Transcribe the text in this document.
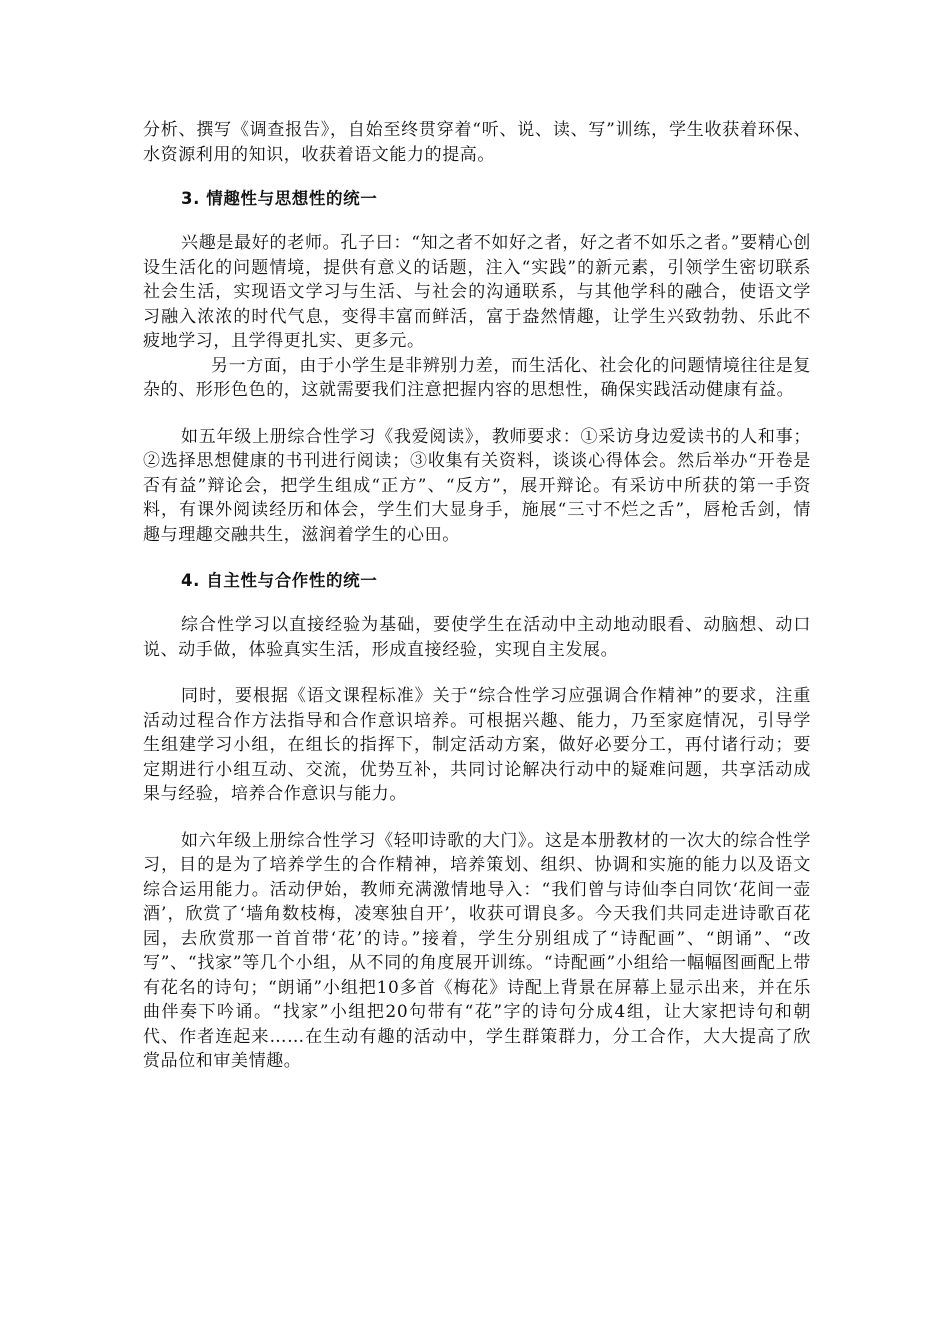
分析、撰写《调查报告》，自始至终贯穿着“听、说、读、写”训练，学生收获着环保、水资源利用的知识，收获着语文能力的提高。

3. 情趣性与思想性的统一

兴趣是最好的老师。孔子曰：“知之者不如好之者，好之者不如乐之者。”要精心创设生活化的问题情境，提供有意义的话题，注入“实践”的新元素，引领学生密切联系社会生活，实现语文学习与生活、与社会的沟通联系，与其他学科的融合，使语文学习融入浓浓的时代气息，变得丰富而鲜活，富于盎然情趣，让学生兴致勃勃、乐此不疲地学习，且学得更扎实、更多元。

另一方面，由于小学生是非辨别力差，而生活化、社会化的问题情境往往是复杂的、形形色色的，这就需要我们注意把握内容的思想性，确保实践活动健康有益。

如五年级上册综合性学习《我爱阅读》，教师要求：①采访身边爱读书的人和事；②选择思想健康的书刊进行阅读；③收集有关资料，谈谈心得体会。然后举办“开卷是否有益”辩论会，把学生组成“正方”、“反方”，展开辩论。有采访中所获的第一手资料，有课外阅读经历和体会，学生们大显身手，施展“三寸不烂之舌”，唇枪舌剑，情趣与理趣交融共生，滋润着学生的心田。

4. 自主性与合作性的统一

综合性学习以直接经验为基础，要使学生在活动中主动地动眼看、动脑想、动口说、动手做，体验真实生活，形成直接经验，实现自主发展。

同时，要根据《语文课程标准》关于“综合性学习应强调合作精神”的要求，注重活动过程合作方法指导和合作意识培养。可根据兴趣、能力，乃至家庭情况，引导学生组建学习小组，在组长的指挥下，制定活动方案，做好必要分工，再付诸行动；要定期进行小组互动、交流，优势互补，共同讨论解决行动中的疑难问题，共享活动成果与经验，培养合作意识与能力。

如六年级上册综合性学习《轻叩诗歌的大门》。这是本册教材的一次大的综合性学习，目的是为了培养学生的合作精神，培养策划、组织、协调和实施的能力以及语文综合运用能力。活动伊始，教师充满激情地导入：“我们曾与诗仙李白同饮‘花间一壶酒’，欣赏了‘墙角数枝梅，凌寒独自开’，收获可谓良多。今天我们共同走进诗歌百花园，去欣赏那一首首带‘花’的诗。”接着，学生分别组成了“诗配画”、“朗诵”、“改写”、“找家”等几个小组，从不同的角度展开训练。“诗配画”小组给一幅幅图画配上带有花名的诗句；“朗诵”小组把10多首《梅花》诗配上背景在屏幕上显示出来，并在乐曲伴奏下吟诵。“找家”小组把20句带有“花”字的诗句分成4组，让大家把诗句和朝代、作者连起来……在生动有趣的活动中，学生群策群力，分工合作，大大提高了欣赏品位和审美情趣。
